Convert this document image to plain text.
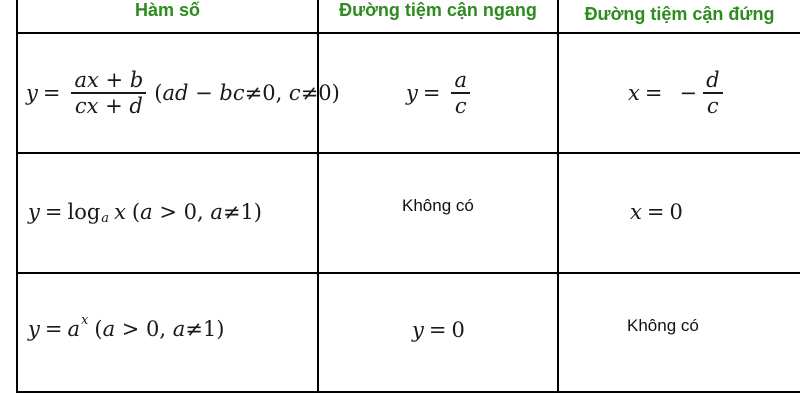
Hàm số	Đường tiệm cận ngang	Đường tiệm cận đứng
$y = \frac{ax + b}{cx + d} (ad - bc\ne 0$, c≠0)	$y = \frac{a}{c}$	x = − $\frac{d}{c}$
y = log a x (a > 0, a≠1)	Không có	x = 0
y = a x (a > 0, a≠1)	y = 0	Không có
